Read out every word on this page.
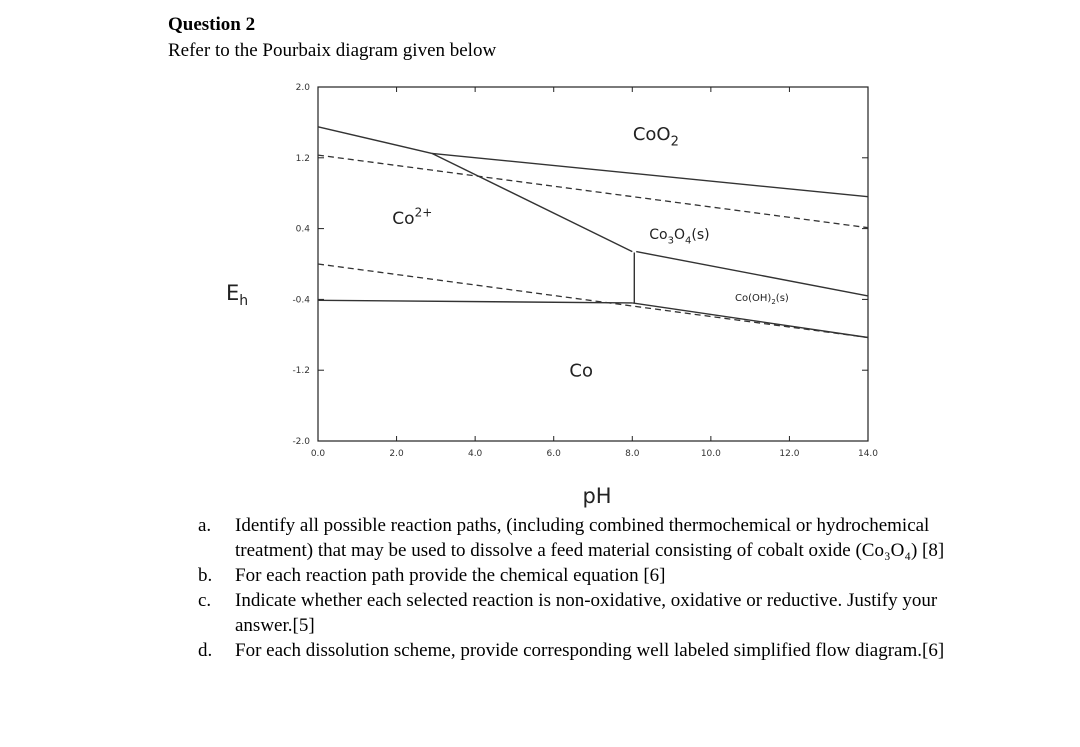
Question 2
Refer to the Pourbaix diagram given below
2.0
1.2
0.4
-0.4
-1.2
-2.0
0.0	2.0	4.0	6.0	8.0	10.0	12.0	14.0
CoO$_2$
$Co^2+$
$Co_3O_4(s)$
$Co(OH)_2(s)$
Co
$E_h$
pH
a. Identify all possible reaction paths, (including combined thermochemical or hydrochemical treatment) that may be used to dissolve a feed material consisting of cobalt oxide (Co₃O₄) [8]
b. For each reaction path provide the chemical equation [6]
c. Indicate whether each selected reaction is non-oxidative, oxidative or reductive. Justify your answer.[5]
d. For each dissolution scheme, provide corresponding well labeled simplified flow diagram.[6]
